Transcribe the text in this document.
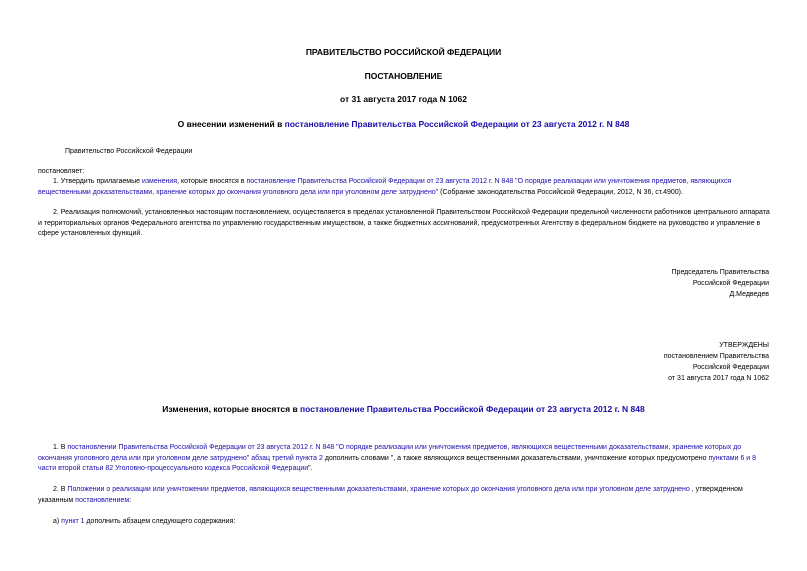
ПРАВИТЕЛЬСТВО РОССИЙСКОЙ ФЕДЕРАЦИИ
ПОСТАНОВЛЕНИЕ
от 31 августа 2017 года N 1062
О внесении изменений в постановление Правительства Российской Федерации от 23 августа 2012 г. N 848
Правительство Российской Федерации
постановляет:
1. Утвердить прилагаемые изменения, которые вносятся в постановление Правительства Российской Федерации от 23 августа 2012 г. N 848 "О порядке реализации или уничтожения предметов, являющихся вещественными доказательствами, хранение которых до окончания уголовного дела или при уголовном деле затруднено" (Собрание законодательства Российской Федерации, 2012, N 36, ст.4900).
2. Реализация полномочий, установленных настоящим постановлением, осуществляется в пределах установленной Правительством Российской Федерации предельной численности работников центрального аппарата и территориальных органов Федерального агентства по управлению государственным имуществом, а также бюджетных ассигнований, предусмотренных Агентству в федеральном бюджете на руководство и управление в сфере установленных функций.
Председатель Правительства
Российской Федерации
Д.Медведев
УТВЕРЖДЕНЫ
постановлением Правительства
Российской Федерации
от 31 августа 2017 года N 1062
Изменения, которые вносятся в постановление Правительства Российской Федерации от 23 августа 2012 г. N 848
1. В постановлении Правительства Российской Федерации от 23 августа 2012 г. N 848 "О порядке реализации или уничтожения предметов, являющихся вещественными доказательствами, хранение которых до окончания уголовного дела или при уголовном деле затруднено" абзац третий пункта 2 дополнить словами ", а также являющихся вещественными доказательствами, уничтожение которых предусмотрено пунктами 6 и 8 части второй статьи 82 Уголовно-процессуального кодекса Российской Федерации".
2. В Положении о реализации или уничтожении предметов, являющихся вещественными доказательствами, хранение которых до окончания уголовного дела или при уголовном деле затруднено , утвержденном указанным постановлением:
а) пункт 1 дополнить абзацем следующего содержания:
